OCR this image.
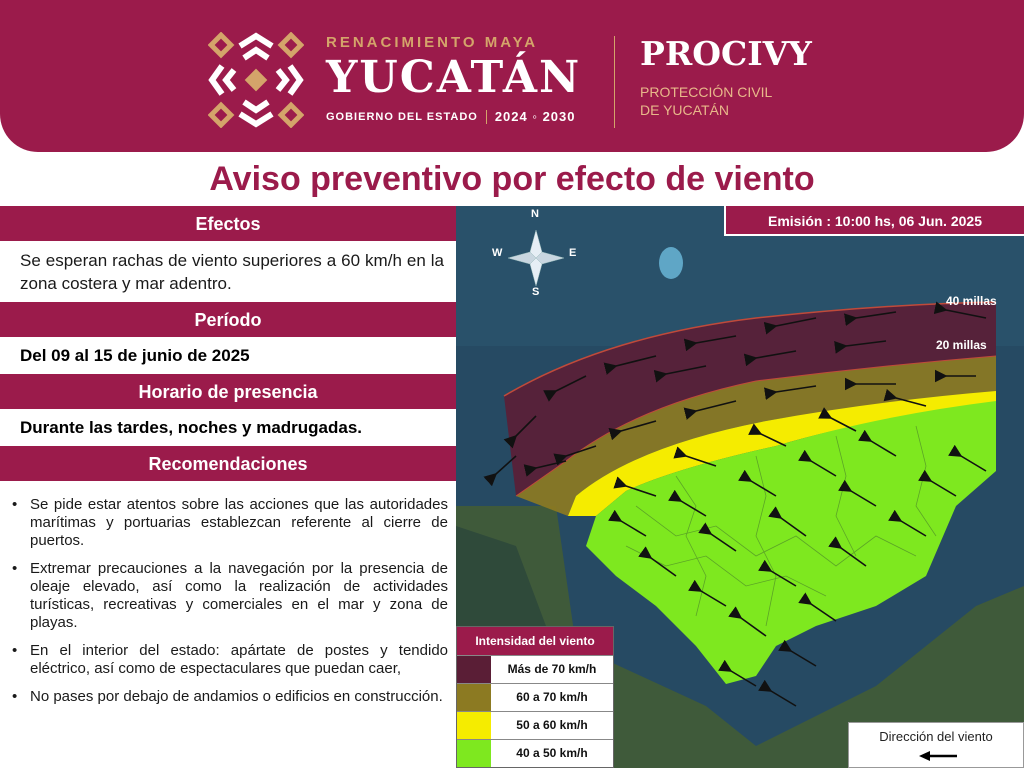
RENACIMIENTO MAYA
YUCATÁN
GOBIERNO DEL ESTADO 2024 ◦ 2030
PROCIVY
PROTECCIÓN CIVIL
DE YUCATÁN
Aviso preventivo por efecto de viento
Efectos
Se esperan rachas de viento superiores a 60 km/h en la zona costera y mar adentro.
Período
Del 09 al 15 de junio de 2025
Horario de presencia
Durante las tardes, noches y madrugadas.
Recomendaciones
• Se pide estar atentos sobre las acciones que las autoridades marítimas y portuarias establezcan referente al cierre de puertos.
• Extremar precauciones a la navegación por la presencia de oleaje elevado, así como la realización de actividades turísticas, recreativas y comerciales en el mar y zona de playas.
• En el interior del estado: apártate de postes y tendido eléctrico, así como de espectaculares que puedan caer,
• No pases por debajo de andamios o edificios en construcción.
N
S
W	E
Emisión : 10:00 hs, 06 Jun. 2025
40 millas
20 millas
Intensidad del viento
Más de 70 km/h
60 a 70 km/h
50 a 60 km/h
40 a 50 km/h
Dirección del viento
